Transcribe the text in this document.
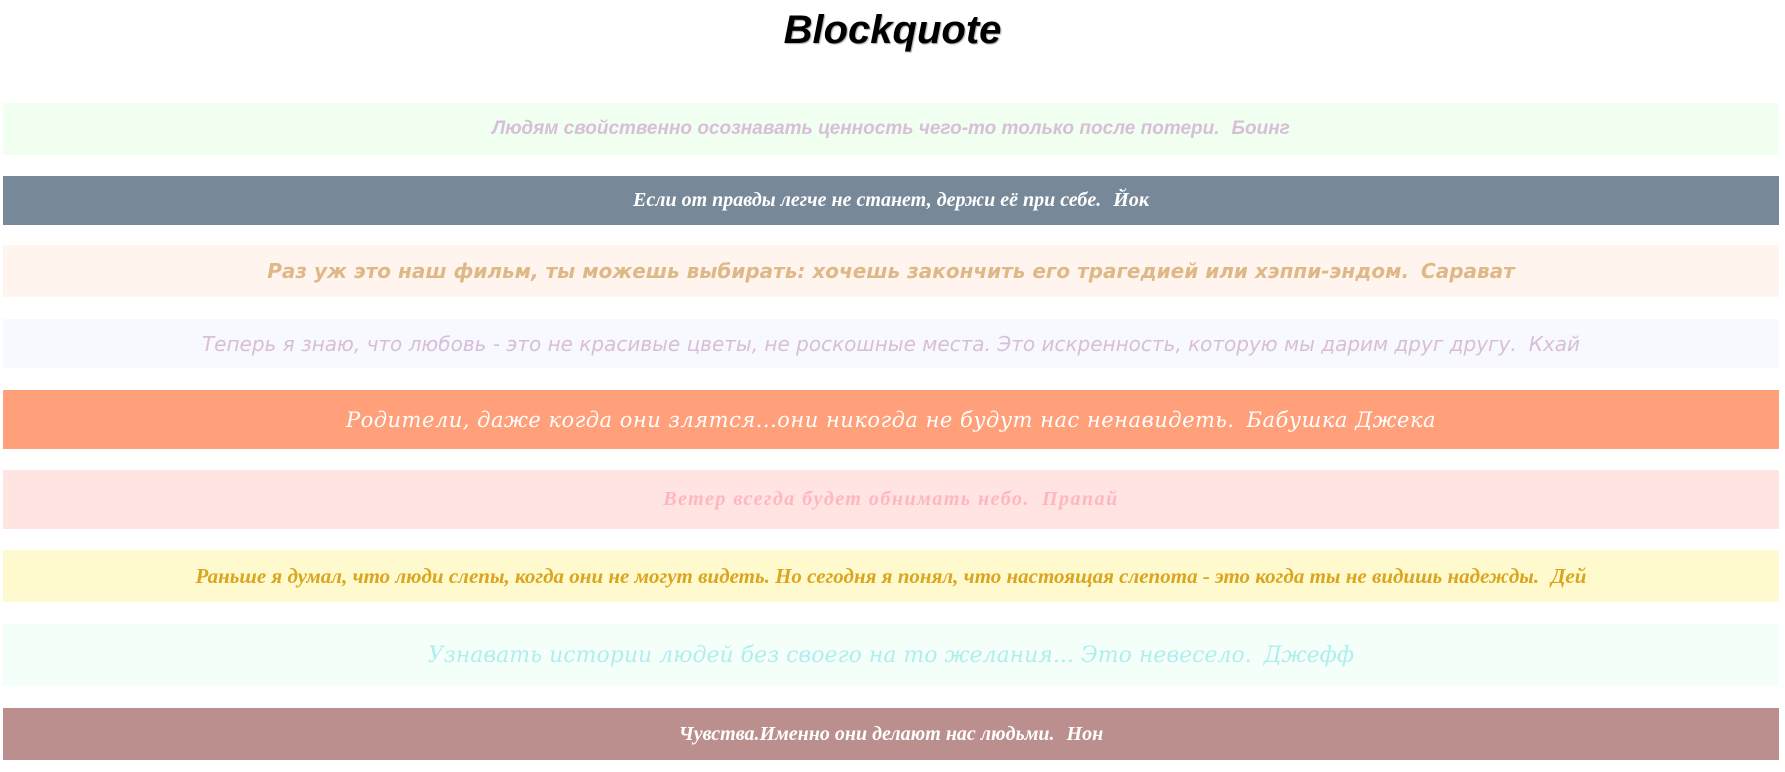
Blockquote
Людям свойственно осознавать ценность чего-то только после потери. Боинг
Если от правды легче не станет, держи её при себе. Йок
Раз уж это наш фильм, ты можешь выбирать: хочешь закончить его трагедией или хэппи-эндом. Сарават
Теперь я знаю, что любовь - это не красивые цветы, не роскошные места. Это искренность, которую мы дарим друг другу. Кхай
Родители, даже когда они злятся...они никогда не будут нас ненавидеть. Бабушка Джека
Ветер всегда будет обнимать небо. Прапай
Раньше я думал, что люди слепы, когда они не могут видеть. Но сегодня я понял, что настоящая слепота - это когда ты не видишь надежды. Дей
Узнавать истории людей без своего на то желания... Это невесело. Джефф
Чувства.Именно они делают нас людьми. Нон
